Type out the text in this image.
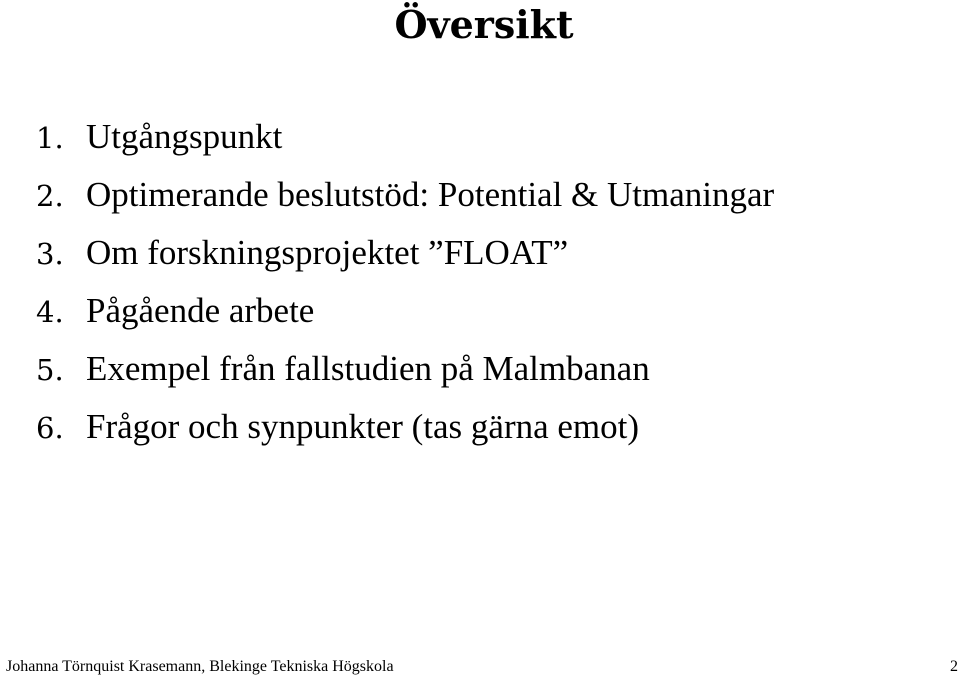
Översikt
1. Utgångspunkt
2. Optimerande beslutstöd: Potential & Utmaningar
3. Om forskningsprojektet ”FLOAT”
4. Pågående arbete
5. Exempel från fallstudien på Malmbanan
6. Frågor och synpunkter (tas gärna emot)
Johanna Törnquist Krasemann, Blekinge Tekniska Högskola	2
